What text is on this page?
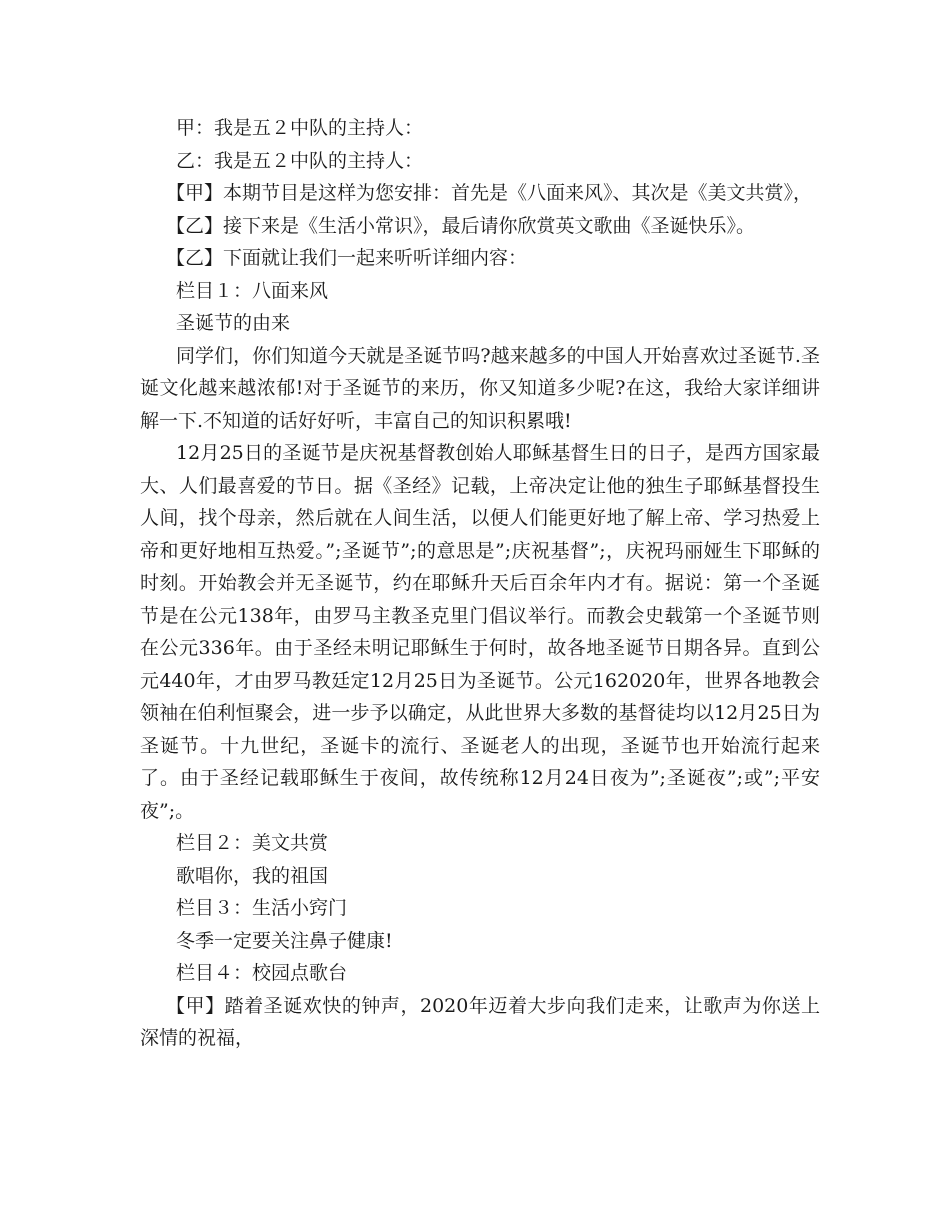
甲：我是五２中队的主持人：

乙：我是五２中队的主持人：

【甲】本期节目是这样为您安排：首先是《八面来风》、其次是《美文共赏》，

【乙】接下来是《生活小常识》，最后请你欣赏英文歌曲《圣诞快乐》。

【乙】下面就让我们一起来听听详细内容：

栏目１：八面来风

圣诞节的由来

同学们，你们知道今天就是圣诞节吗?越来越多的中国人开始喜欢过圣诞节.圣诞文化越来越浓郁!对于圣诞节的来历，你又知道多少呢?在这，我给大家详细讲解一下.不知道的话好好听，丰富自己的知识积累哦!

12月25日的圣诞节是庆祝基督教创始人耶稣基督生日的日子，是西方国家最大、人们最喜爱的节日。据《圣经》记载，上帝决定让他的独生子耶稣基督投生人间，找个母亲，然后就在人间生活，以便人们能更好地了解上帝、学习热爱上帝和更好地相互热爱。”;圣诞节”;的意思是”;庆祝基督”;，庆祝玛丽娅生下耶稣的时刻。开始教会并无圣诞节，约在耶稣升天后百余年内才有。据说：第一个圣诞节是在公元138年，由罗马主教圣克里门倡议举行。而教会史载第一个圣诞节则在公元336年。由于圣经未明记耶稣生于何时，故各地圣诞节日期各异。直到公元440年，才由罗马教廷定12月25日为圣诞节。公元162020年，世界各地教会领袖在伯利恒聚会，进一步予以确定，从此世界大多数的基督徒均以12月25日为圣诞节。十九世纪，圣诞卡的流行、圣诞老人的出现，圣诞节也开始流行起来了。由于圣经记载耶稣生于夜间，故传统称12月24日夜为”;圣诞夜”;或”;平安夜”;。

栏目２：美文共赏

歌唱你，我的祖国

栏目３：生活小窍门

冬季一定要关注鼻子健康!

栏目４：校园点歌台

【甲】踏着圣诞欢快的钟声，2020年迈着大步向我们走来，让歌声为你送上深情的祝福，
